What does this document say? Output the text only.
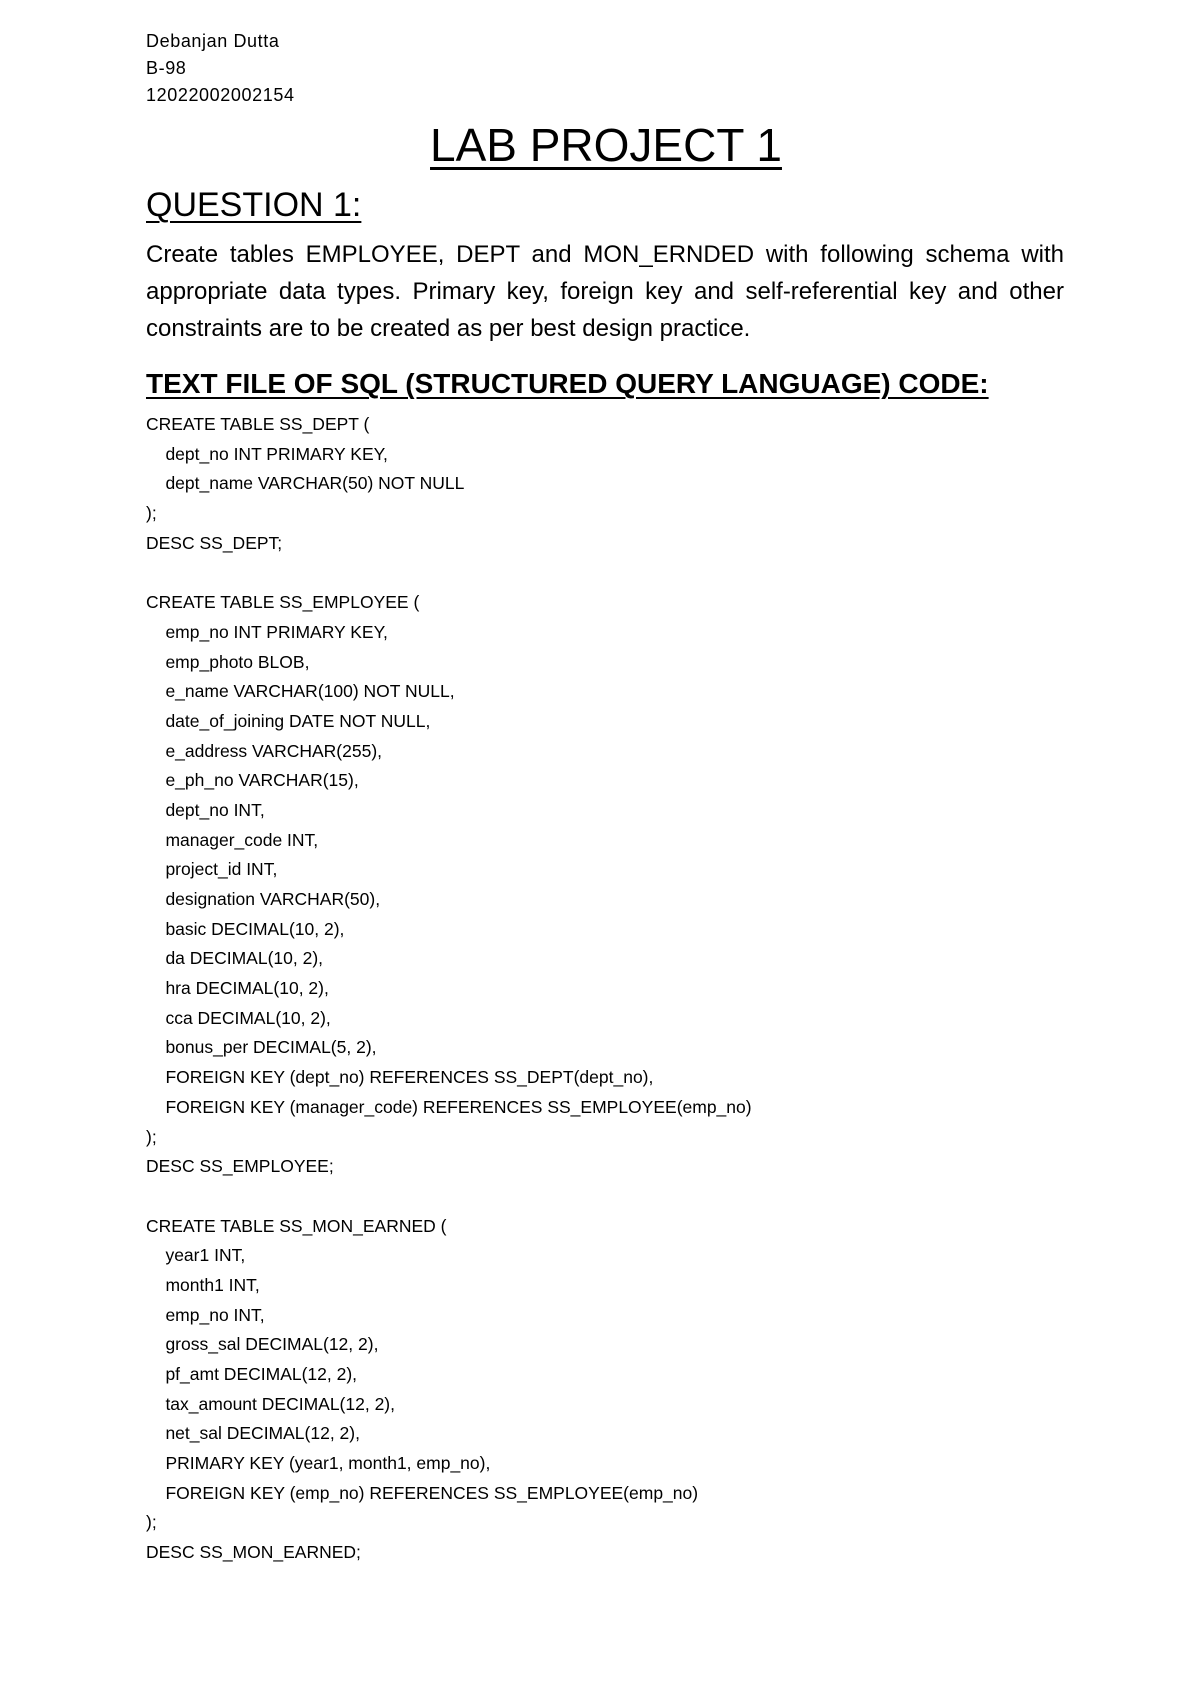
Debanjan Dutta
B-98
12022002002154
LAB PROJECT 1
QUESTION 1:

Create tables EMPLOYEE, DEPT and MON_ERNDED with following schema with appropriate data types. Primary key, foreign key and self-referential key and other constraints are to be created as per best design practice.

TEXT FILE OF SQL (STRUCTURED QUERY LANGUAGE) CODE:
CREATE TABLE SS_DEPT (
dept_no INT PRIMARY KEY,
dept_name VARCHAR(50) NOT NULL
);
DESC SS_DEPT;
CREATE TABLE SS_EMPLOYEE (
emp_no INT PRIMARY KEY,
emp_photo BLOB,
e_name VARCHAR(100) NOT NULL,
date_of_joining DATE NOT NULL,
e_address VARCHAR(255),
e_ph_no VARCHAR(15),
dept_no INT,
manager_code INT,
project_id INT,
designation VARCHAR(50),
basic DECIMAL(10, 2),
da DECIMAL(10, 2),
hra DECIMAL(10, 2),
cca DECIMAL(10, 2),
bonus_per DECIMAL(5, 2),
FOREIGN KEY (dept_no) REFERENCES SS_DEPT(dept_no),
FOREIGN KEY (manager_code) REFERENCES SS_EMPLOYEE(emp_no)
);
DESC SS_EMPLOYEE;
CREATE TABLE SS_MON_EARNED (
year1 INT,
month1 INT,
emp_no INT,
gross_sal DECIMAL(12, 2),
pf_amt DECIMAL(12, 2),
tax_amount DECIMAL(12, 2),
net_sal DECIMAL(12, 2),
PRIMARY KEY (year1, month1, emp_no),
FOREIGN KEY (emp_no) REFERENCES SS_EMPLOYEE(emp_no)
);
DESC SS_MON_EARNED;
